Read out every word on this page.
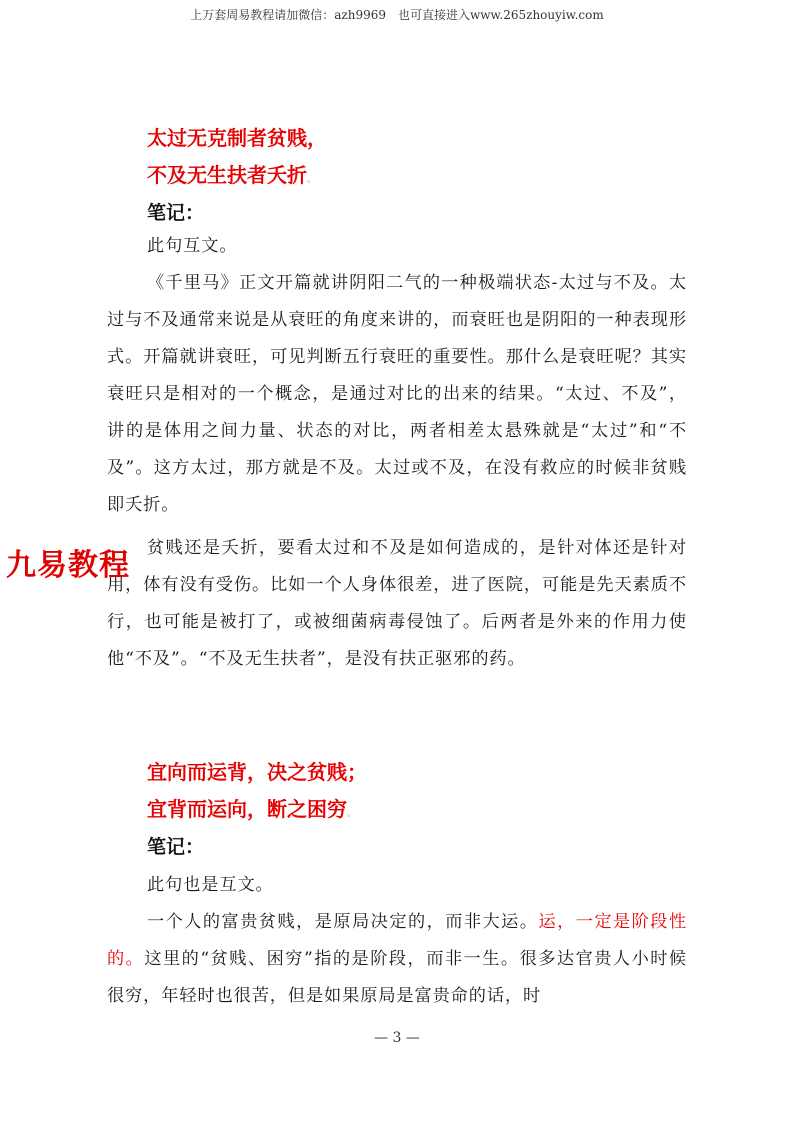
上万套周易教程请加微信：azh9969　也可直接进入www.265zhouyiw.com
太过无克制者贫贱，
不及无生扶者夭折。
笔记：

此句互文。

《千里马》正文开篇就讲阴阳二气的一种极端状态-太过与不及。太过与不及通常来说是从衰旺的角度来讲的，而衰旺也是阴阳的一种表现形式。开篇就讲衰旺，可见判断五行衰旺的重要性。那什么是衰旺呢？其实衰旺只是相对的一个概念，是通过对比的出来的结果。“太过、不及”，讲的是体用之间力量、状态的对比，两者相差太悬殊就是“太过”和“不及”。这方太过，那方就是不及。太过或不及，在没有救应的时候非贫贱即夭折。

贫贱还是夭折，要看太过和不及是如何造成的，是针对体还是针对用，体有没有受伤。比如一个人身体很差，进了医院，可能是先天素质不行，也可能是被打了，或被细菌病毒侵蚀了。后两者是外来的作用力使他“不及”。“不及无生扶者”，是没有扶正驱邪的药。

九易教程
宜向而运背，决之贫贱；
宜背而运向，断之困穷。
笔记：

此句也是互文。

一个人的富贵贫贱，是原局决定的，而非大运。运，一定是阶段性的。这里的“贫贱、困穷”指的是阶段，而非一生。很多达官贵人小时候很穷，年轻时也很苦，但是如果原局是富贵命的话，时

— 3 —
